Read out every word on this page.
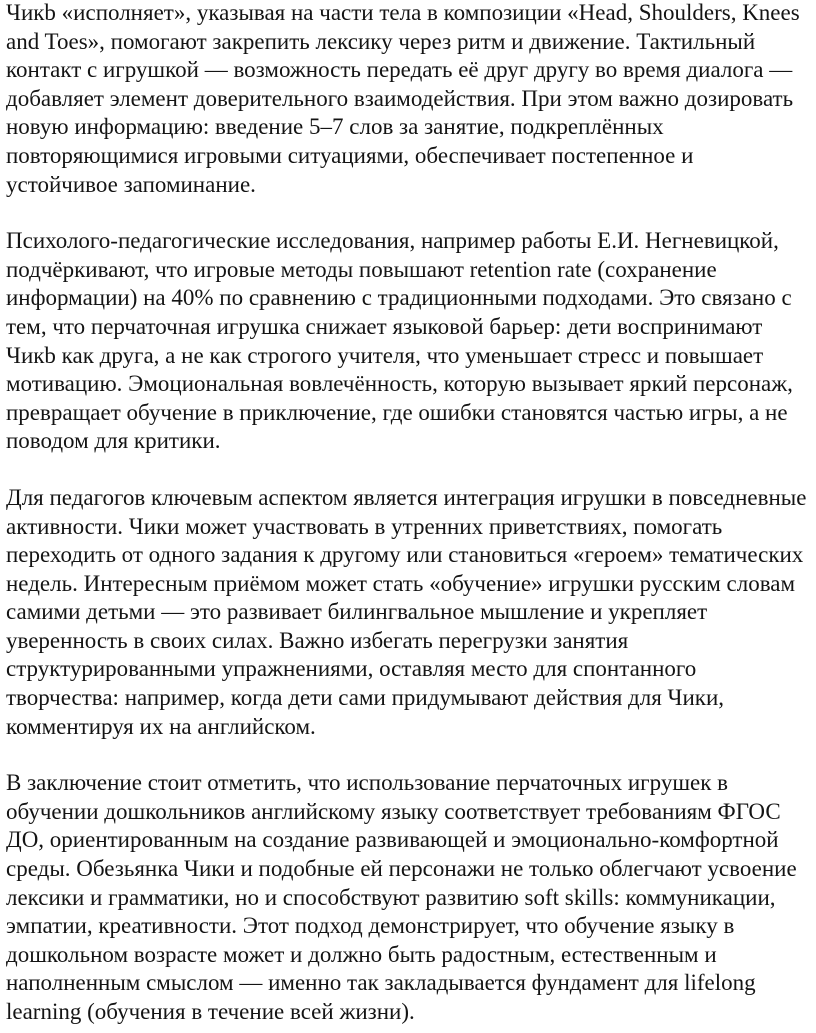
Чикb «исполняет», указывая на части тела в композиции «Head, Shoulders, Knees and Toes», помогают закрепить лексику через ритм и движение. Тактильный контакт с игрушкой — возможность передать её друг другу во время диалога — добавляет элемент доверительного взаимодействия. При этом важно дозировать новую информацию: введение 5–7 слов за занятие, подкреплённых повторяющимися игровыми ситуациями, обеспечивает постепенное и устойчивое запоминание.

Психолого-педагогические исследования, например работы Е.И. Негневицкой, подчёркивают, что игровые методы повышают retention rate (сохранение информации) на 40% по сравнению с традиционными подходами. Это связано с тем, что перчаточная игрушка снижает языковой барьер: дети воспринимают Чикb как друга, а не как строгого учителя, что уменьшает стресс и повышает мотивацию. Эмоциональная вовлечённость, которую вызывает яркий персонаж, превращает обучение в приключение, где ошибки становятся частью игры, а не поводом для критики.

Для педагогов ключевым аспектом является интеграция игрушки в повседневные активности. Чики может участвовать в утренних приветствиях, помогать переходить от одного задания к другому или становиться «героем» тематических недель. Интересным приёмом может стать «обучение» игрушки русским словам самими детьми — это развивает билингвальное мышление и укрепляет уверенность в своих силах. Важно избегать перегрузки занятия структурированными упражнениями, оставляя место для спонтанного творчества: например, когда дети сами придумывают действия для Чики, комментируя их на английском.

В заключение стоит отметить, что использование перчаточных игрушек в обучении дошкольников английскому языку соответствует требованиям ФГОС ДО, ориентированным на создание развивающей и эмоционально-комфортной среды. Обезьянка Чики и подобные ей персонажи не только облегчают усвоение лексики и грамматики, но и способствуют развитию soft skills: коммуникации, эмпатии, креативности. Этот подход демонстрирует, что обучение языку в дошкольном возрасте может и должно быть радостным, естественным и наполненным смыслом — именно так закладывается фундамент для lifelong learning (обучения в течение всей жизни).
